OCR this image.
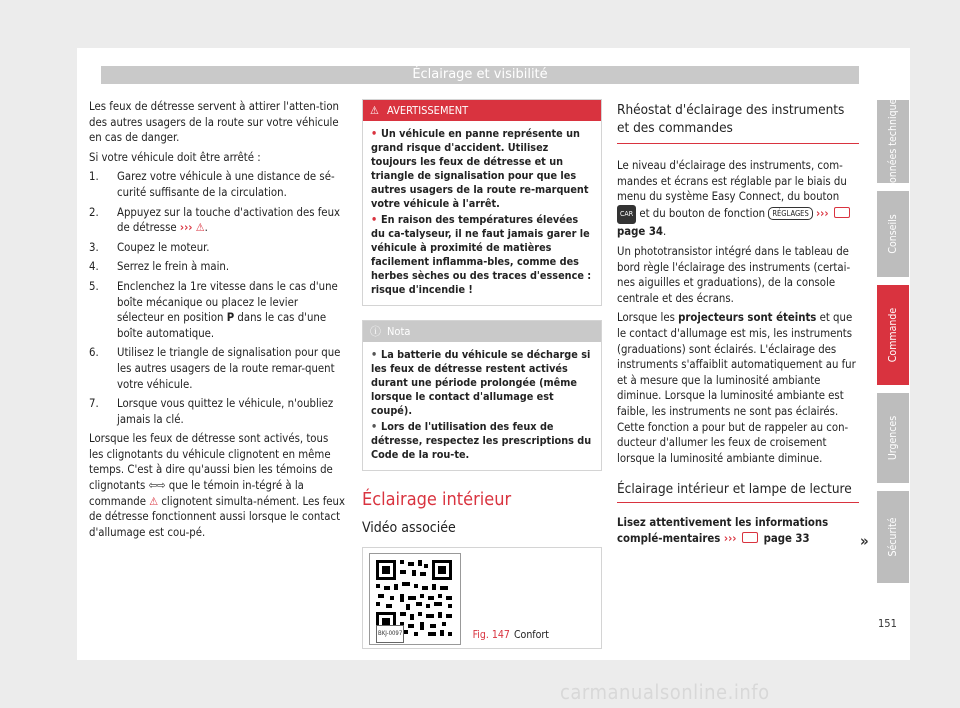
Éclairage et visibilité

Les feux de détresse servent à attirer l'atten-tion des autres usagers de la route sur votre véhicule en cas de danger.

Si votre véhicule doit être arrêté :

1. Garez votre véhicule à une distance de sé-curité suffisante de la circulation.
2. Appuyez sur la touche d'activation des feux de détresse ››› ⚠.
3. Coupez le moteur.
4. Serrez le frein à main.
5. Enclenchez la 1re vitesse dans le cas d'une boîte mécanique ou placez le levier sélecteur en position P dans le cas d'une boîte automatique.
6. Utilisez le triangle de signalisation pour que les autres usagers de la route remar-quent votre véhicule.
7. Lorsque vous quittez le véhicule, n'oubliez jamais la clé.

Lorsque les feux de détresse sont activés, tous les clignotants du véhicule clignotent en même temps. C'est à dire qu'aussi bien les témoins de clignotants ⇦⇨ que le témoin in-tégré à la commande ⚠ clignotent simulta-nément. Les feux de détresse fonctionnent aussi lorsque le contact d'allumage est cou-pé.

⚠ AVERTISSEMENT
• Un véhicule en panne représente un grand risque d'accident. Utilisez toujours les feux de détresse et un triangle de signalisation pour que les autres usagers de la route re-marquent votre véhicule à l'arrêt.
• En raison des températures élevées du ca-talyseur, il ne faut jamais garer le véhicule à proximité de matières facilement inflamma-bles, comme des herbes sèches ou des traces d'essence : risque d'incendie !
ⓘ Nota
• La batterie du véhicule se décharge si les feux de détresse restent activés durant une période prolongée (même lorsque le contact d'allumage est coupé).
• Lors de l'utilisation des feux de détresse, respectez les prescriptions du Code de la rou-te.
Éclairage intérieur
Vidéo associée
BKJ-0097	Fig. 147 Confort
Rhéostat d'éclairage des instruments et des commandes

Le niveau d'éclairage des instruments, com-mandes et écrans est réglable par le biais du menu du système Easy Connect, du bouton CAR et du bouton de fonction RÉGLAGES ›››  page 34.

Un phototransistor intégré dans le tableau de bord règle l'éclairage des instruments (certai-nes aiguilles et graduations), de la console centrale et des écrans.

Lorsque les projecteurs sont éteints et que le contact d'allumage est mis, les instruments (graduations) sont éclairés. L'éclairage des instruments s'affaiblit automatiquement au fur et à mesure que la luminosité ambiante diminue. Lorsque la luminosité ambiante est faible, les instruments ne sont pas éclairés. Cette fonction a pour but de rappeler au con-ducteur d'allumer les feux de croisement lorsque la luminosité ambiante diminue.

Éclairage intérieur et lampe de lecture

Lisez attentivement les informations complé-mentaires ››› page 33	»
Données techniques
Conseils
Commande
Urgences
Sécurité
151
carmanualsonline.info
